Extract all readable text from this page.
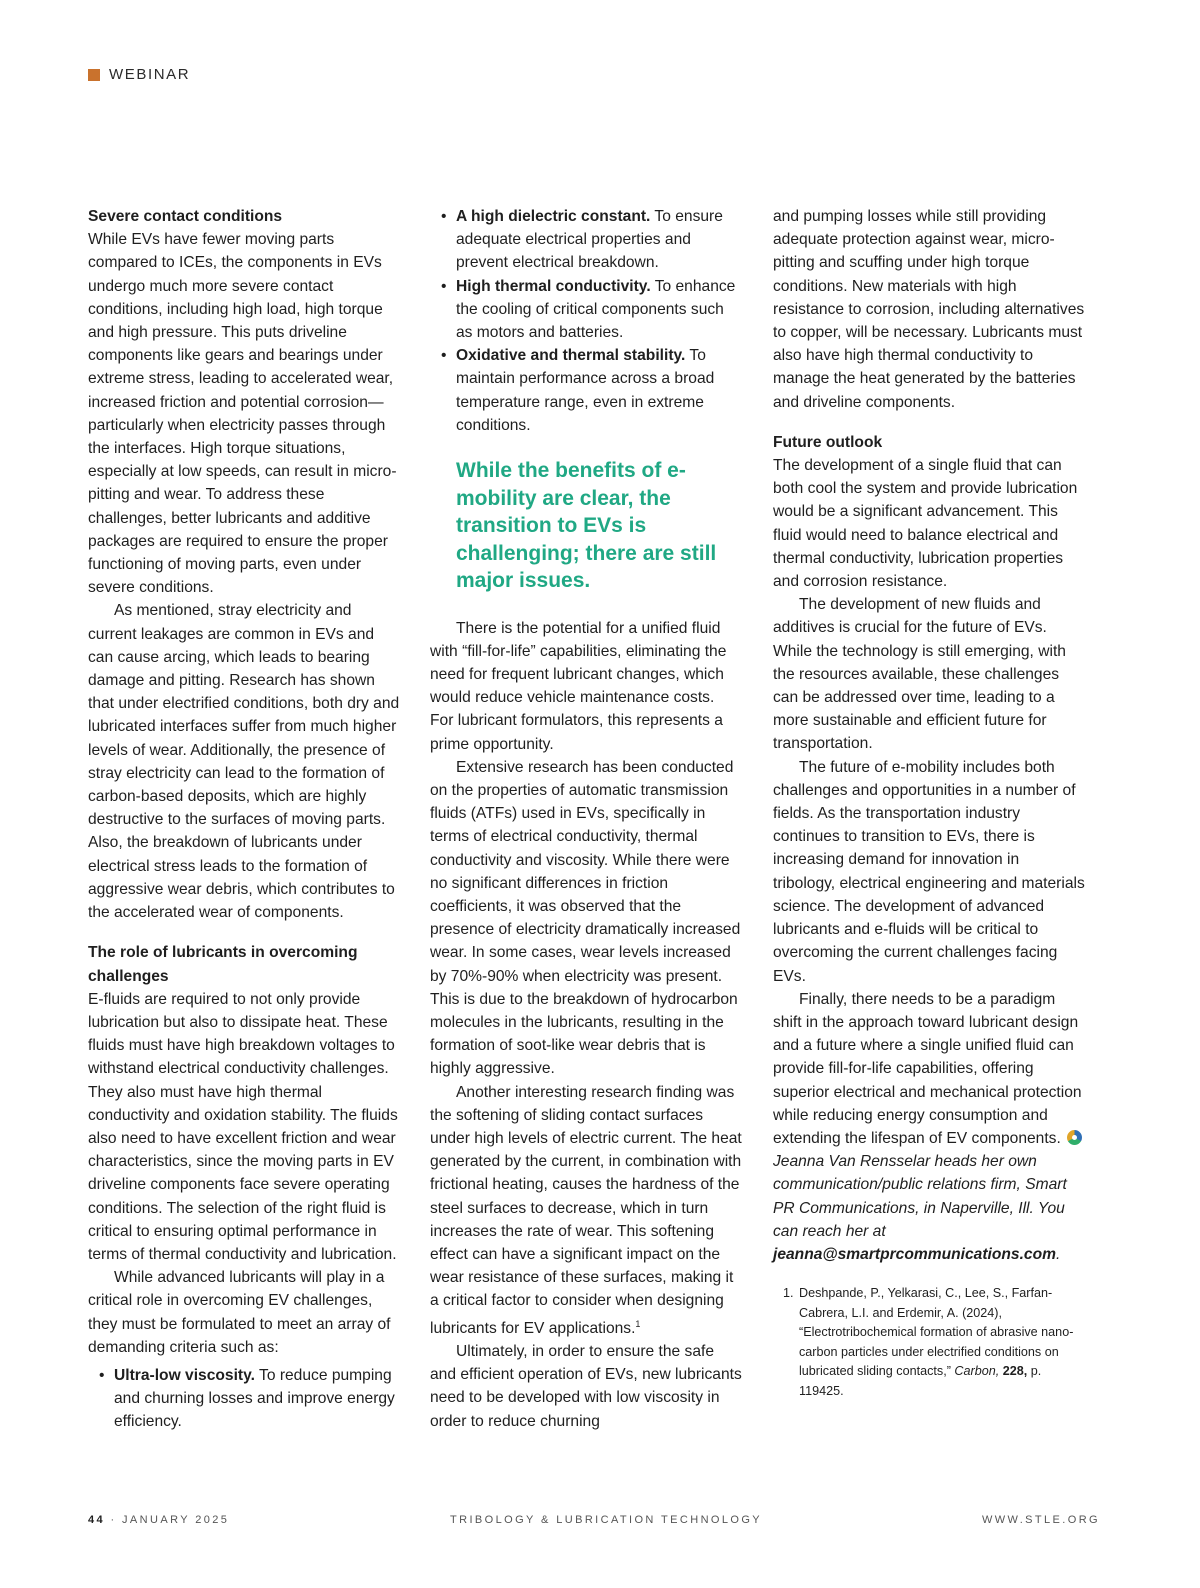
WEBINAR
Severe contact conditions

While EVs have fewer moving parts compared to ICEs, the components in EVs undergo much more severe contact conditions, including high load, high torque and high pressure. This puts driveline components like gears and bearings under extreme stress, leading to accelerated wear, increased friction and potential corrosion—particularly when electricity passes through the interfaces. High torque situations, especially at low speeds, can result in micro-pitting and wear. To address these challenges, better lubricants and additive packages are required to ensure the proper functioning of moving parts, even under severe conditions.

As mentioned, stray electricity and current leakages are common in EVs and can cause arcing, which leads to bearing damage and pitting. Research has shown that under electrified conditions, both dry and lubricated interfaces suffer from much higher levels of wear. Additionally, the presence of stray electricity can lead to the formation of carbon-based deposits, which are highly destructive to the surfaces of moving parts. Also, the breakdown of lubricants under electrical stress leads to the formation of aggressive wear debris, which contributes to the accelerated wear of components.

The role of lubricants in overcoming challenges

E-fluids are required to not only provide lubrication but also to dissipate heat. These fluids must have high breakdown voltages to withstand electrical conductivity challenges. They also must have high thermal conductivity and oxidation stability. The fluids also need to have excellent friction and wear characteristics, since the moving parts in EV driveline components face severe operating conditions. The selection of the right fluid is critical to ensuring optimal performance in terms of thermal conductivity and lubrication.

While advanced lubricants will play in a critical role in overcoming EV challenges, they must be formulated to meet an array of demanding criteria such as:

• Ultra-low viscosity. To reduce pumping and churning losses and improve energy efficiency.
• A high dielectric constant. To ensure adequate electrical properties and prevent electrical breakdown.
• High thermal conductivity. To enhance the cooling of critical components such as motors and batteries.
• Oxidative and thermal stability. To maintain performance across a broad temperature range, even in extreme conditions.
While the benefits of e-mobility are clear, the transition to EVs is challenging; there are still major issues.

There is the potential for a unified fluid with “fill-for-life” capabilities, eliminating the need for frequent lubricant changes, which would reduce vehicle maintenance costs. For lubricant formulators, this represents a prime opportunity.

Extensive research has been conducted on the properties of automatic transmission fluids (ATFs) used in EVs, specifically in terms of electrical conductivity, thermal conductivity and viscosity. While there were no significant differences in friction coefficients, it was observed that the presence of electricity dramatically increased wear. In some cases, wear levels increased by 70%-90% when electricity was present. This is due to the breakdown of hydrocarbon molecules in the lubricants, resulting in the formation of soot-like wear debris that is highly aggressive.

Another interesting research finding was the softening of sliding contact surfaces under high levels of electric current. The heat generated by the current, in combination with frictional heating, causes the hardness of the steel surfaces to decrease, which in turn increases the rate of wear. This softening effect can have a significant impact on the wear resistance of these surfaces, making it a critical factor to consider when designing lubricants for EV applications.$^1$

Ultimately, in order to ensure the safe and efficient operation of EVs, new lubricants need to be developed with low viscosity in order to reduce churning

and pumping losses while still providing adequate protection against wear, micro-pitting and scuffing under high torque conditions. New materials with high resistance to corrosion, including alternatives to copper, will be necessary. Lubricants must also have high thermal conductivity to manage the heat generated by the batteries and driveline components.

Future outlook

The development of a single fluid that can both cool the system and provide lubrication would be a significant advancement. This fluid would need to balance electrical and thermal conductivity, lubrication properties and corrosion resistance.

The development of new fluids and additives is crucial for the future of EVs. While the technology is still emerging, with the resources available, these challenges can be addressed over time, leading to a more sustainable and efficient future for transportation.

The future of e-mobility includes both challenges and opportunities in a number of fields. As the transportation industry continues to transition to EVs, there is increasing demand for innovation in tribology, electrical engineering and materials science. The development of advanced lubricants and e-fluids will be critical to overcoming the current challenges facing EVs.

Finally, there needs to be a paradigm shift in the approach toward lubricant design and a future where a single unified fluid can provide fill-for-life capabilities, offering superior electrical and mechanical protection while reducing energy consumption and extending the lifespan of EV components.

Jeanna Van Rensselar heads her own communication/public relations firm, Smart PR Communications, in Naperville, Ill. You can reach her at jeanna@smartprcommunications.com.

1. Deshpande, P., Yelkarasi, C., Lee, S., Farfan-Cabrera, L.I. and Erdemir, A. (2024), “Electrotribochemical formation of abrasive nano-carbon particles under electrified conditions on lubricated sliding contacts,” Carbon, 228, p. 119425.
44 · JANUARY 2025	TRIBOLOGY & LUBRICATION TECHNOLOGY	WWW.STLE.ORG
